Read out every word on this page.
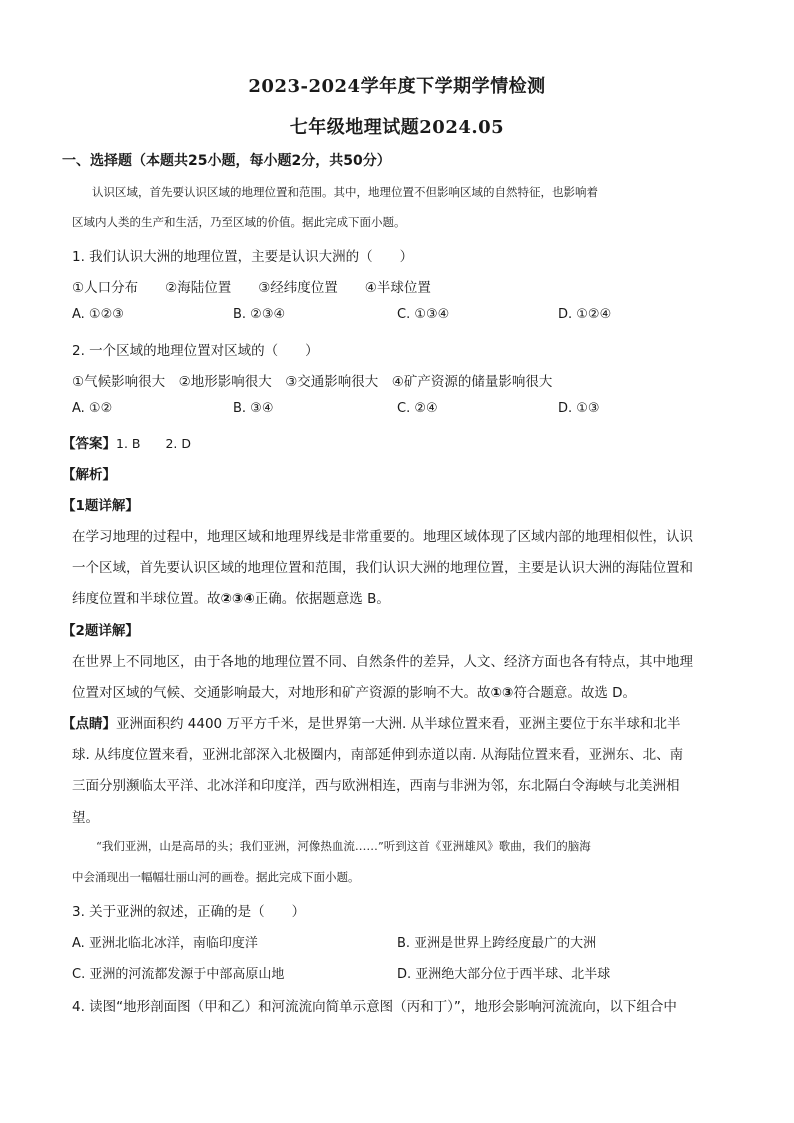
2023-2024学年度下学期学情检测
七年级地理试题2024.05
一、选择题（本题共25小题，每小题2分，共50分）
认识区域，首先要认识区域的地理位置和范围。其中，地理位置不但影响区域的自然特征，也影响着
区域内人类的生产和生活，乃至区域的价值。据此完成下面小题。
1. 我们认识大洲的地理位置，主要是认识大洲的（　　）
①人口分布　　②海陆位置　　③经纬度位置　　④半球位置
A. ①②③	B. ②③④	C. ①③④	D. ①②④
2. 一个区域的地理位置对区域的（　　）
①气候影响很大　②地形影响很大　③交通影响很大　④矿产资源的储量影响很大
A. ①②	B. ③④	C. ②④	D. ①③
【答案】1. B　　2. D
【解析】
【1题详解】
在学习地理的过程中，地理区域和地理界线是非常重要的。地理区域体现了区域内部的地理相似性，认识
一个区域，首先要认识区域的地理位置和范围，我们认识大洲的地理位置，主要是认识大洲的海陆位置和
纬度位置和半球位置。故②③④正确。依据题意选 B。
【2题详解】
在世界上不同地区，由于各地的地理位置不同、自然条件的差异，人文、经济方面也各有特点，其中地理
位置对区域的气候、交通影响最大，对地形和矿产资源的影响不大。故①③符合题意。故选 D。
【点睛】亚洲面积约 4400 万平方千米，是世界第一大洲. 从半球位置来看，亚洲主要位于东半球和北半
球. 从纬度位置来看，亚洲北部深入北极圈内，南部延伸到赤道以南. 从海陆位置来看，亚洲东、北、南
三面分别濒临太平洋、北冰洋和印度洋，西与欧洲相连，西南与非洲为邻，东北隔白令海峡与北美洲相
望。
“我们亚洲，山是高昂的头；我们亚洲，河像热血流……”听到这首《亚洲雄风》歌曲，我们的脑海
中会涌现出一幅幅壮丽山河的画卷。据此完成下面小题。
3. 关于亚洲的叙述，正确的是（　　）
A. 亚洲北临北冰洋，南临印度洋	B. 亚洲是世界上跨经度最广的大洲
C. 亚洲的河流都发源于中部高原山地	D. 亚洲绝大部分位于西半球、北半球
4. 读图“地形剖面图（甲和乙）和河流流向简单示意图（丙和丁）”，地形会影响河流流向，以下组合中
